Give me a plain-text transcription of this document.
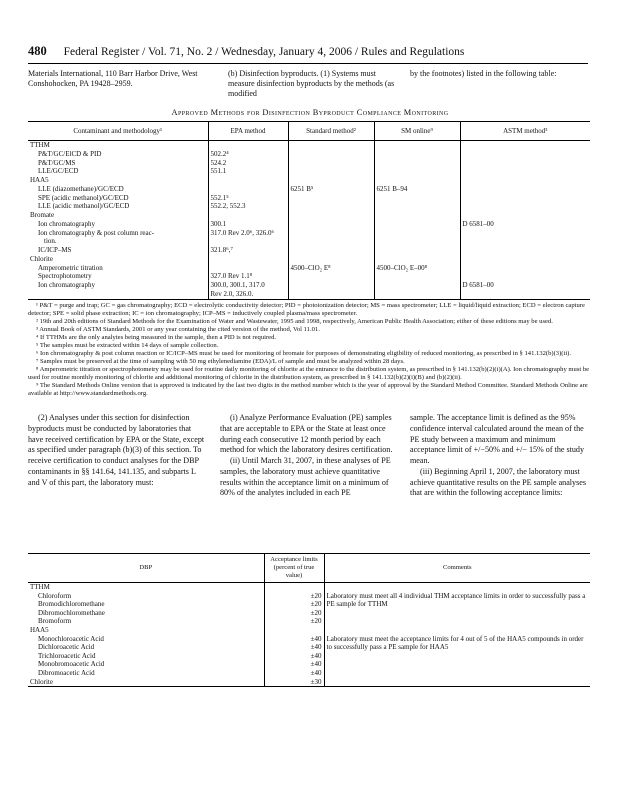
480 Federal Register / Vol. 71, No. 2 / Wednesday, January 4, 2006 / Rules and Regulations
Materials International, 110 Barr Harbor Drive, West Conshohocken, PA 19428–2959.
(b) Disinfection byproducts. (1) Systems must measure disinfection byproducts by the methods (as modified
by the footnotes) listed in the following table:
Approved Methods for Disinfection Byproduct Compliance Monitoring
Contaminant and methodology¹	EPA method	Standard method²	SM online⁹	ASTM method³
TTHM				
P&T/GC/ElCD & PID	502.2⁴			
P&T/GC/MS	524.2			
LLE/GC/ECD	551.1			
HAA5				
LLE (diazomethane)/GC/ECD		6251 B⁵	6251 B–94	
SPE (acidic methanol)/GC/ECD	552.1⁵			
LLE (acidic methanol)/GC/ECD	552.2, 552.3			
Bromate				
Ion chromatography	300.1			D 6581–00
Ion chromatography & post column reac-	317.0 Rev 2.0⁶, 326.0⁶			
tion.				
IC/ICP–MS	321.8⁶,⁷			
Chlorite				
Amperometric titration		4500–ClO₂ E⁸	4500–ClO₂ E–00⁸	
Spectrophotometry	327.0 Rev 1.1⁸			
Ion chromatography	300.0, 300.1, 317.0			D 6581–00
	Rev 2.0, 326.0.			

¹ P&T = purge and trap; GC = gas chromatography; ECD = electrolytic conductivity detector; PID = photoionization detector; MS = mass spectrometer; LLE = liquid/liquid extraction; ECD = electron capture detector; SPE = solid phase extraction; IC = ion chromatography; ICP–MS = inductively coupled plasma/mass spectrometer.

² 19th and 20th editions of Standard Methods for the Examination of Water and Wastewater, 1995 and 1998, respectively, American Public Health Association; either of these editions may be used.

³ Annual Book of ASTM Standards, 2001 or any year containing the cited version of the method, Vol 11.01.

⁴ If TTHMs are the only analytes being measured in the sample, then a PID is not required.

⁵ The samples must be extracted within 14 days of sample collection.

⁶ Ion chromatography & post column reaction or IC/ICP–MS must be used for monitoring of bromate for purposes of demonstrating eligibility of reduced monitoring, as prescribed in § 141.132(b)(3)(ii).

⁷ Samples must be preserved at the time of sampling with 50 mg ethylenediamine (EDA)/L of sample and must be analyzed within 28 days.

⁸ Amperometric titration or spectrophotometry may be used for routine daily monitoring of chlorite at the entrance to the distribution system, as prescribed in § 141.132(b)(2)(i)(A). Ion chromatography must be used for routine monthly monitoring of chlorite and additional monitoring of chlorite in the distribution system, as prescribed in § 141.132(b)(2)(i)(B) and (b)(2)(ii).

⁹ The Standard Methods Online version that is approved is indicated by the last two digits in the method number which is the year of approval by the Standard Method Committee. Standard Methods Online are available at http://www.standardmethods.org.

(2) Analyses under this section for disinfection byproducts must be conducted by laboratories that have received certification by EPA or the State, except as specified under paragraph (b)(3) of this section. To receive certification to conduct analyses for the DBP contaminants in §§ 141.64, 141.135, and subparts L and V of this part, the laboratory must:

(i) Analyze Performance Evaluation (PE) samples that are acceptable to EPA or the State at least once during each consecutive 12 month period by each method for which the laboratory desires certification.

(ii) Until March 31, 2007, in these analyses of PE samples, the laboratory must achieve quantitative results within the acceptance limit on a minimum of 80% of the analytes included in each PE

sample. The acceptance limit is defined as the 95% confidence interval calculated around the mean of the PE study between a maximum and minimum acceptance limit of +/−50% and +/− 15% of the study mean.

(iii) Beginning April 1, 2007, the laboratory must achieve quantitative results on the PE sample analyses that are within the following acceptance limits:

DBP	Acceptance limits (percent of true value)	Comments
TTHM		
Chloroform	±20	Laboratory must meet all 4 individual THM acceptance limits in order to successfully pass a PE sample for TTHM
Bromodichloromethane	±20	
Dibromochloromethane	±20	
Bromoform	±20	
HAA5		
Monochloroacetic Acid	±40	Laboratory must meet the acceptance limits for 4 out of 5 of the HAA5 compounds in order to successfully pass a PE sample for HAA5
Dichloroacetic Acid	±40	
Trichloroacetic Acid	±40	
Monobromoacetic Acid	±40	
Dibromoacetic Acid	±40	
Chlorite	±30	
